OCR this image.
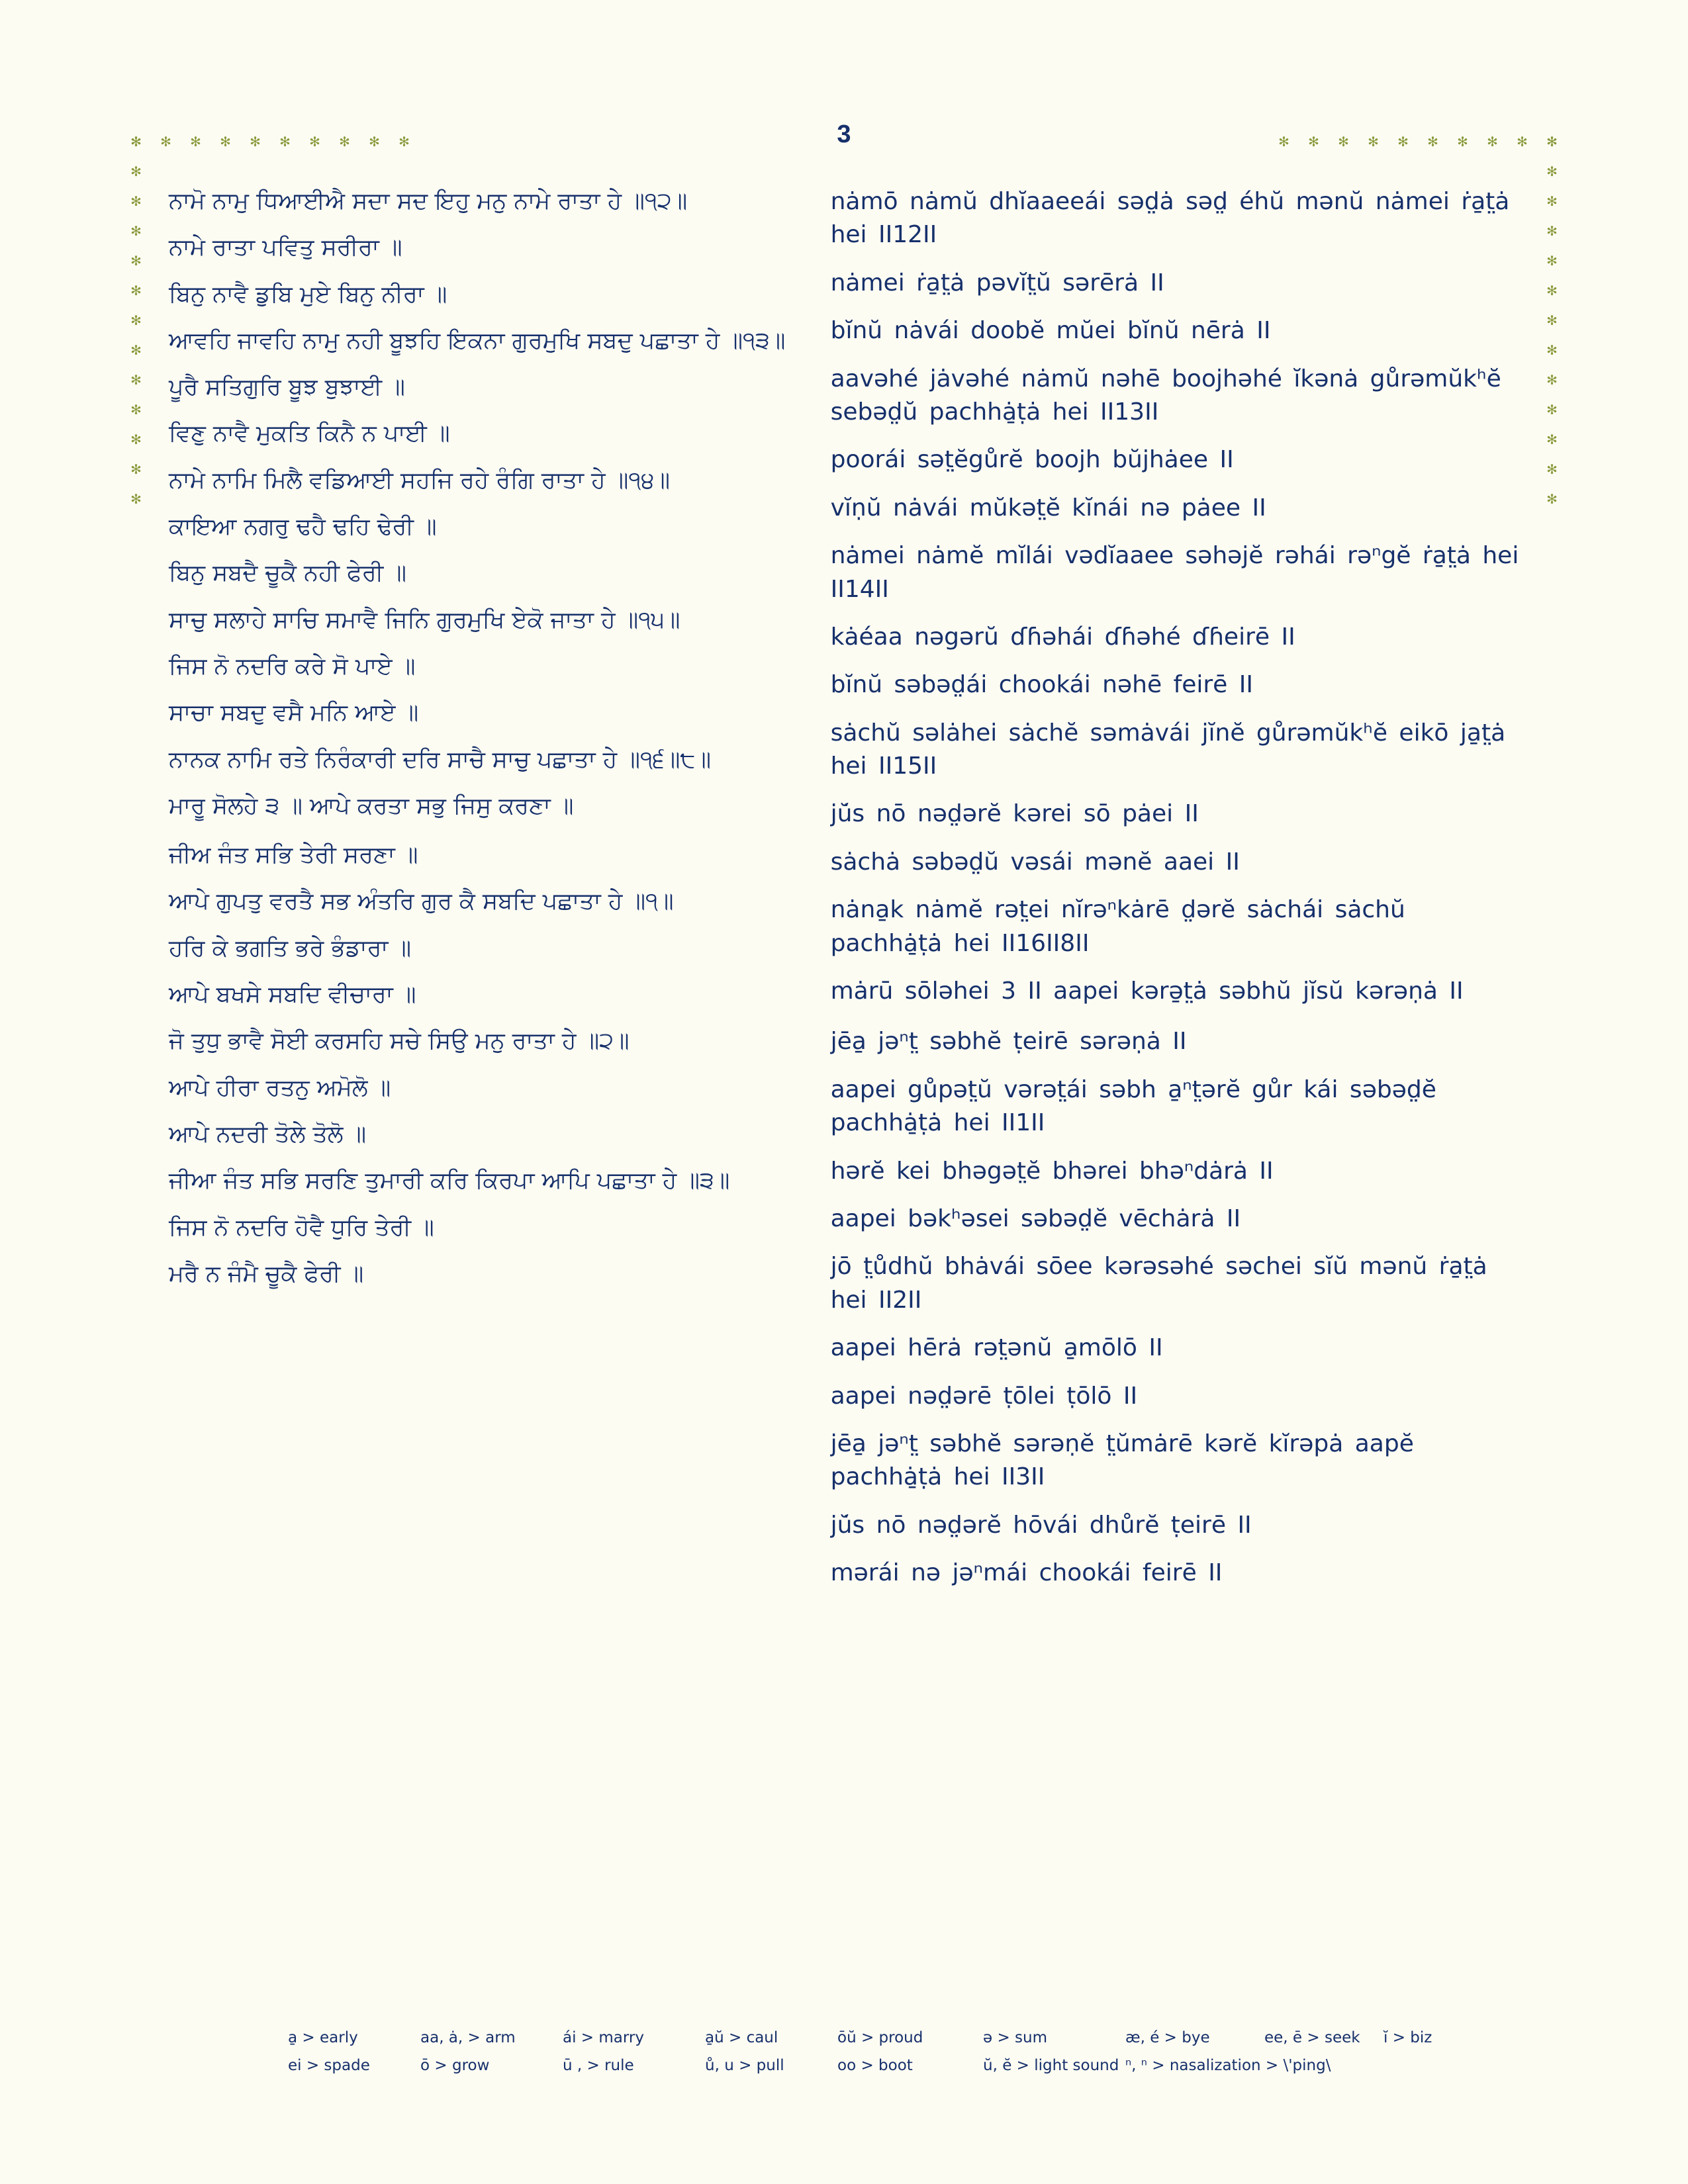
3
✻
✻
✻
✻
✻
✻
✻
✻
✻
✻
✻
✻
✻
✻
✻
✻
✻
✻
✻
✻
✻
✻
✻
✻
✻
✻
✻
✻
✻
✻
✻
✻
✻
✻
✻
✻
✻
✻
✻
✻
✻
✻
✻
✻
✻
✻
ਨਾਮੋ ਨਾਮੁ ਧਿਆਈਐ ਸਦਾ ਸਦ ਇਹੁ ਮਨੁ ਨਾਮੇ ਰਾਤਾ ਹੇ ॥੧੨॥
ਨਾਮੇ ਰਾਤਾ ਪਵਿਤੁ ਸਰੀਰਾ ॥
ਬਿਨੁ ਨਾਵੈ ਡੁਬਿ ਮੁਏ ਬਿਨੁ ਨੀਰਾ ॥
ਆਵਹਿ ਜਾਵਹਿ ਨਾਮੁ ਨਹੀ ਬੂਝਹਿ ਇਕਨਾ ਗੁਰਮੁਖਿ ਸਬਦੁ ਪਛਾਤਾ ਹੇ ॥੧੩॥
ਪੂਰੈ ਸਤਿਗੁਰਿ ਬੂਝ ਬੁਝਾਈ ॥
ਵਿਣੁ ਨਾਵੈ ਮੁਕਤਿ ਕਿਨੈ ਨ ਪਾਈ ॥
ਨਾਮੇ ਨਾਮਿ ਮਿਲੈ ਵਡਿਆਈ ਸਹਜਿ ਰਹੇ ਰੰਗਿ ਰਾਤਾ ਹੇ ॥੧੪॥
ਕਾਇਆ ਨਗਰੁ ਢਹੈ ਢਹਿ ਢੇਰੀ ॥
ਬਿਨੁ ਸਬਦੈ ਚੂਕੈ ਨਹੀ ਫੇਰੀ ॥
ਸਾਚੁ ਸਲਾਹੇ ਸਾਚਿ ਸਮਾਵੈ ਜਿਨਿ ਗੁਰਮੁਖਿ ਏਕੋ ਜਾਤਾ ਹੇ ॥੧੫॥
ਜਿਸ ਨੋ ਨਦਰਿ ਕਰੇ ਸੋ ਪਾਏ ॥
ਸਾਚਾ ਸਬਦੁ ਵਸੈ ਮਨਿ ਆਏ ॥
ਨਾਨਕ ਨਾਮਿ ਰਤੇ ਨਿਰੰਕਾਰੀ ਦਰਿ ਸਾਚੈ ਸਾਚੁ ਪਛਾਤਾ ਹੇ ॥੧੬॥੮॥
ਮਾਰੂ ਸੋਲਹੇ ੩ ॥ ਆਪੇ ਕਰਤਾ ਸਭੁ ਜਿਸੁ ਕਰਣਾ ॥
ਜੀਅ ਜੰਤ ਸਭਿ ਤੇਰੀ ਸਰਣਾ ॥
ਆਪੇ ਗੁਪਤੁ ਵਰਤੈ ਸਭ ਅੰਤਰਿ ਗੁਰ ਕੈ ਸਬਦਿ ਪਛਾਤਾ ਹੇ ॥੧॥
ਹਰਿ ਕੇ ਭਗਤਿ ਭਰੇ ਭੰਡਾਰਾ ॥
ਆਪੇ ਬਖਸੇ ਸਬਦਿ ਵੀਚਾਰਾ ॥
ਜੋ ਤੁਧੁ ਭਾਵੈ ਸੋਈ ਕਰਸਹਿ ਸਚੇ ਸਿਉ ਮਨੁ ਰਾਤਾ ਹੇ ॥੨॥
ਆਪੇ ਹੀਰਾ ਰਤਨੁ ਅਮੋਲੋ ॥
ਆਪੇ ਨਦਰੀ ਤੋਲੇ ਤੋਲੋ ॥
ਜੀਆ ਜੰਤ ਸਭਿ ਸਰਣਿ ਤੁਮਾਰੀ ਕਰਿ ਕਿਰਪਾ ਆਪਿ ਪਛਾਤਾ ਹੇ ॥੩॥
ਜਿਸ ਨੋ ਨਦਰਿ ਹੋਵੈ ਧੁਰਿ ਤੇਰੀ ॥
ਮਰੈ ਨ ਜੰਮੈ ਚੂਕੈ ਫੇਰੀ ॥
nȧmō nȧmŭ dhĭaaeeái səd̤ȧ səd̤ éhŭ mənŭ nȧmei ṙa̱t̤ȧ hei II12II
nȧmei ṙa̱t̤ȧ pəvĭt̤ŭ sərērȧ II
bĭnŭ nȧvái doobĕ mŭei bĭnŭ nērȧ II
aavəhé jȧvəhé nȧmŭ nəhē boojhəhé ĭkənȧ gůrəmŭkʰĕ sebəd̤ŭ pachhȧ̱ṭȧ hei II13II
poorái sət̤ĕgůrĕ boojh bŭjhȧee II
vĭṇŭ nȧvái mŭkət̤ĕ kĭnái nə pȧee II
nȧmei nȧmĕ mĭlái vədĭaaee səhəjĕ rəhái rəⁿgĕ ṙa̱t̤ȧ hei II14II
kȧéaa nəgərŭ ɗɦəhái ɗɦəhé ɗɦeirē II
bĭnŭ səbəd̤ái chookái nəhē feirē II
sȧchŭ səlȧhei sȧchĕ səmȧvái jĭnĕ gůrəmŭkʰĕ eikō ja̱t̤ȧ hei II15II
jŭ̇s nō nəd̤ərĕ kərei sō pȧei II
sȧchȧ səbəd̤ŭ vəsái mənĕ aaei II
nȧna̱k nȧmĕ rət̤ei nĭrəⁿkȧrē d̤ərĕ sȧchái sȧchŭ pachhȧ̱ṭȧ hei II16II8II
mȧrū sōləhei 3 II aapei kərə̱t̤ȧ səbhŭ jĭsŭ kərəṇȧ II
jēa̱ jəⁿt̤ səbhĕ ṭeirē sərəṇȧ II
aapei gůpət̤ŭ vərət̤ái səbh a̱ⁿt̤ərĕ gůr kái səbəd̤ĕ pachhȧ̱ṭȧ hei II1II
hərĕ kei bhəgət̤ĕ bhərei bhəⁿdȧrȧ II
aapei bəkʰəsei səbəd̤ĕ vēchȧrȧ II
jō t̤ůdhŭ bhȧvái sōee kərəsəhé səchei sĭŭ mənŭ ṙa̱t̤ȧ hei II2II
aapei hērȧ rət̤ənŭ a̱mōlō II
aapei nəd̤ərē ṭōlei ṭōlō II
jēa̱ jəⁿt̤ səbhĕ sərəṇĕ t̤ŭmȧrē kərĕ kĭrəpȧ aapĕ pachhȧ̱ṭȧ hei II3II
jŭ̇s nō nəd̤ərĕ hōvái dhůrĕ ṭeirē II
mərái nə jəⁿmái chookái feirē II
a̱ > early	aa, ȧ, > arm	ái > marry	a̱ŭ > caul	ōŭ > proud	ə > sum	æ, é > bye	ee, ē > seek	ĭ > biz
ei > spade	ō > grow	ū , > rule	ů, u > pull	oo > boot	ŭ, ĕ > light sound ⁿ, ⁿ > nasalization > \'ping\
